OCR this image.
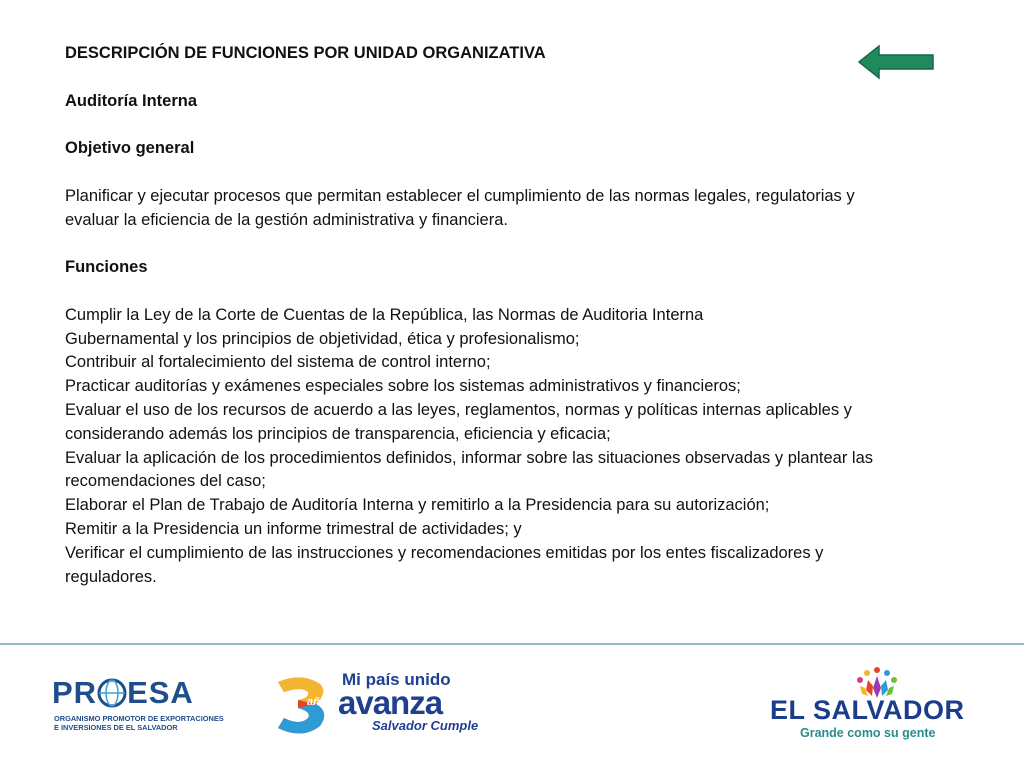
DESCRIPCIÓN DE FUNCIONES POR UNIDAD ORGANIZATIVA

Auditoría Interna

Objetivo general

Planificar y ejecutar procesos que permitan establecer el cumplimiento de las normas legales, regulatorias y

evaluar la eficiencia de la gestión administrativa y financiera.

Funciones

Cumplir la Ley de la Corte de Cuentas de la República, las Normas de Auditoria Interna
Gubernamental y los principios de objetividad, ética y profesionalismo;
Contribuir al fortalecimiento del sistema de control interno;
Practicar auditorías y exámenes especiales sobre los sistemas administrativos y financieros;
Evaluar el uso de los recursos de acuerdo a las leyes, reglamentos, normas y políticas internas aplicables y
considerando además los principios de transparencia, eficiencia y eficacia;
Evaluar la aplicación de los procedimientos definidos, informar sobre las situaciones observadas y plantear las
recomendaciones del caso;
Elaborar el Plan de Trabajo de Auditoría Interna y remitirlo a la Presidencia para su autorización;
Remitir a la Presidencia un informe trimestral de actividades; y
Verificar el cumplimiento de las instrucciones y recomendaciones emitidas por los entes fiscalizadores y
reguladores.
PR ESA
ORGANISMO PROMOTOR DE EXPORTACIONES
E INVERSIONES DE EL SALVADOR
3
años
Mi país unido
avanza
Salvador Cumple
EL SALVADOR
Grande como su gente
